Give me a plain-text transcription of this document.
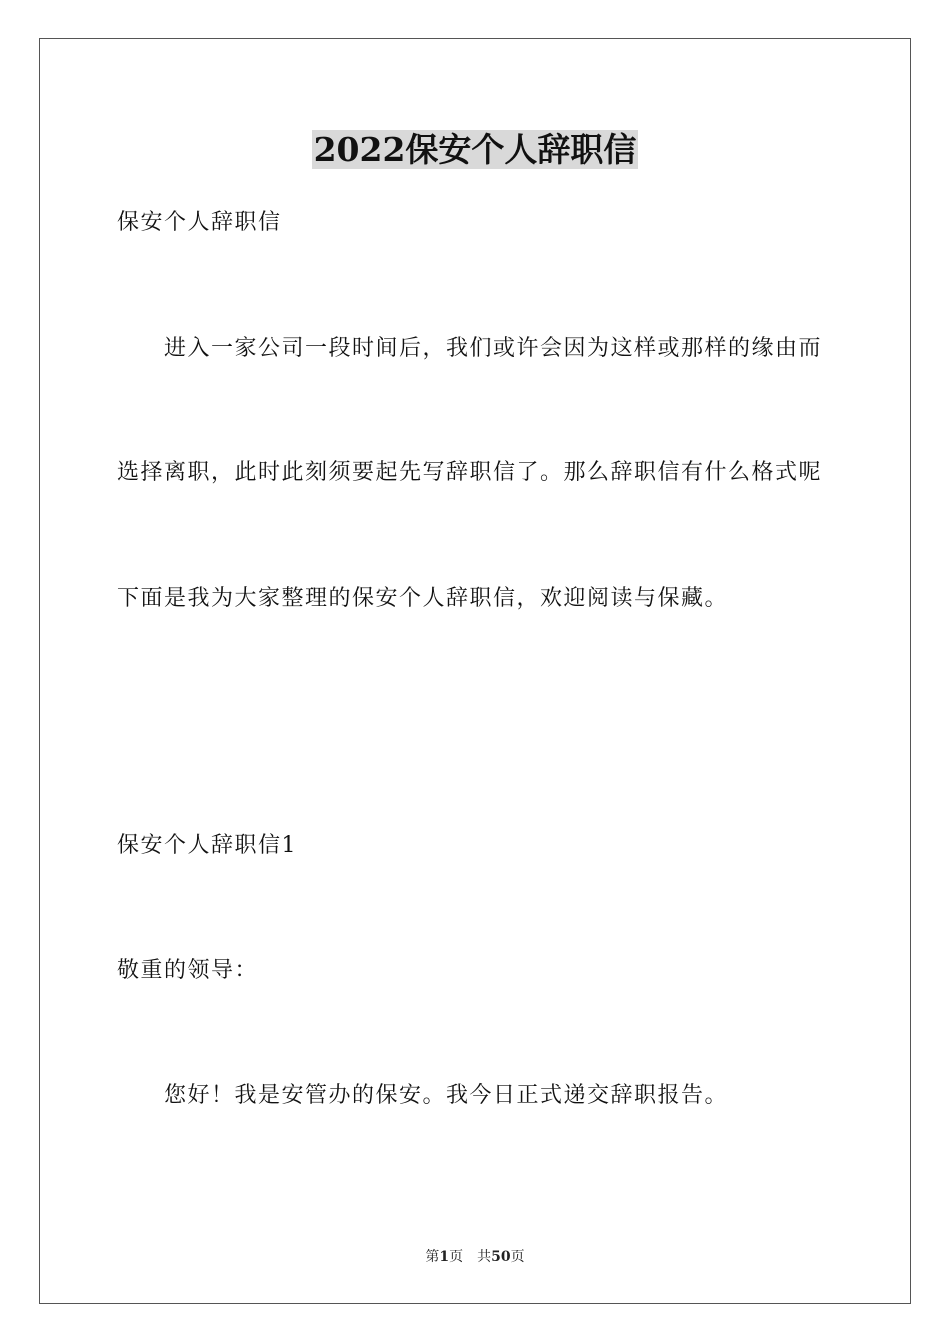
2022保安个人辞职信
保安个人辞职信
进入一家公司一段时间后，我们或许会因为这样或那样的缘由而
选择离职，此时此刻须要起先写辞职信了。那么辞职信有什么格式呢
下面是我为大家整理的保安个人辞职信，欢迎阅读与保藏。
保安个人辞职信1
敬重的领导：
您好！我是安管办的保安。我今日正式递交辞职报告。
第1页 共50页
